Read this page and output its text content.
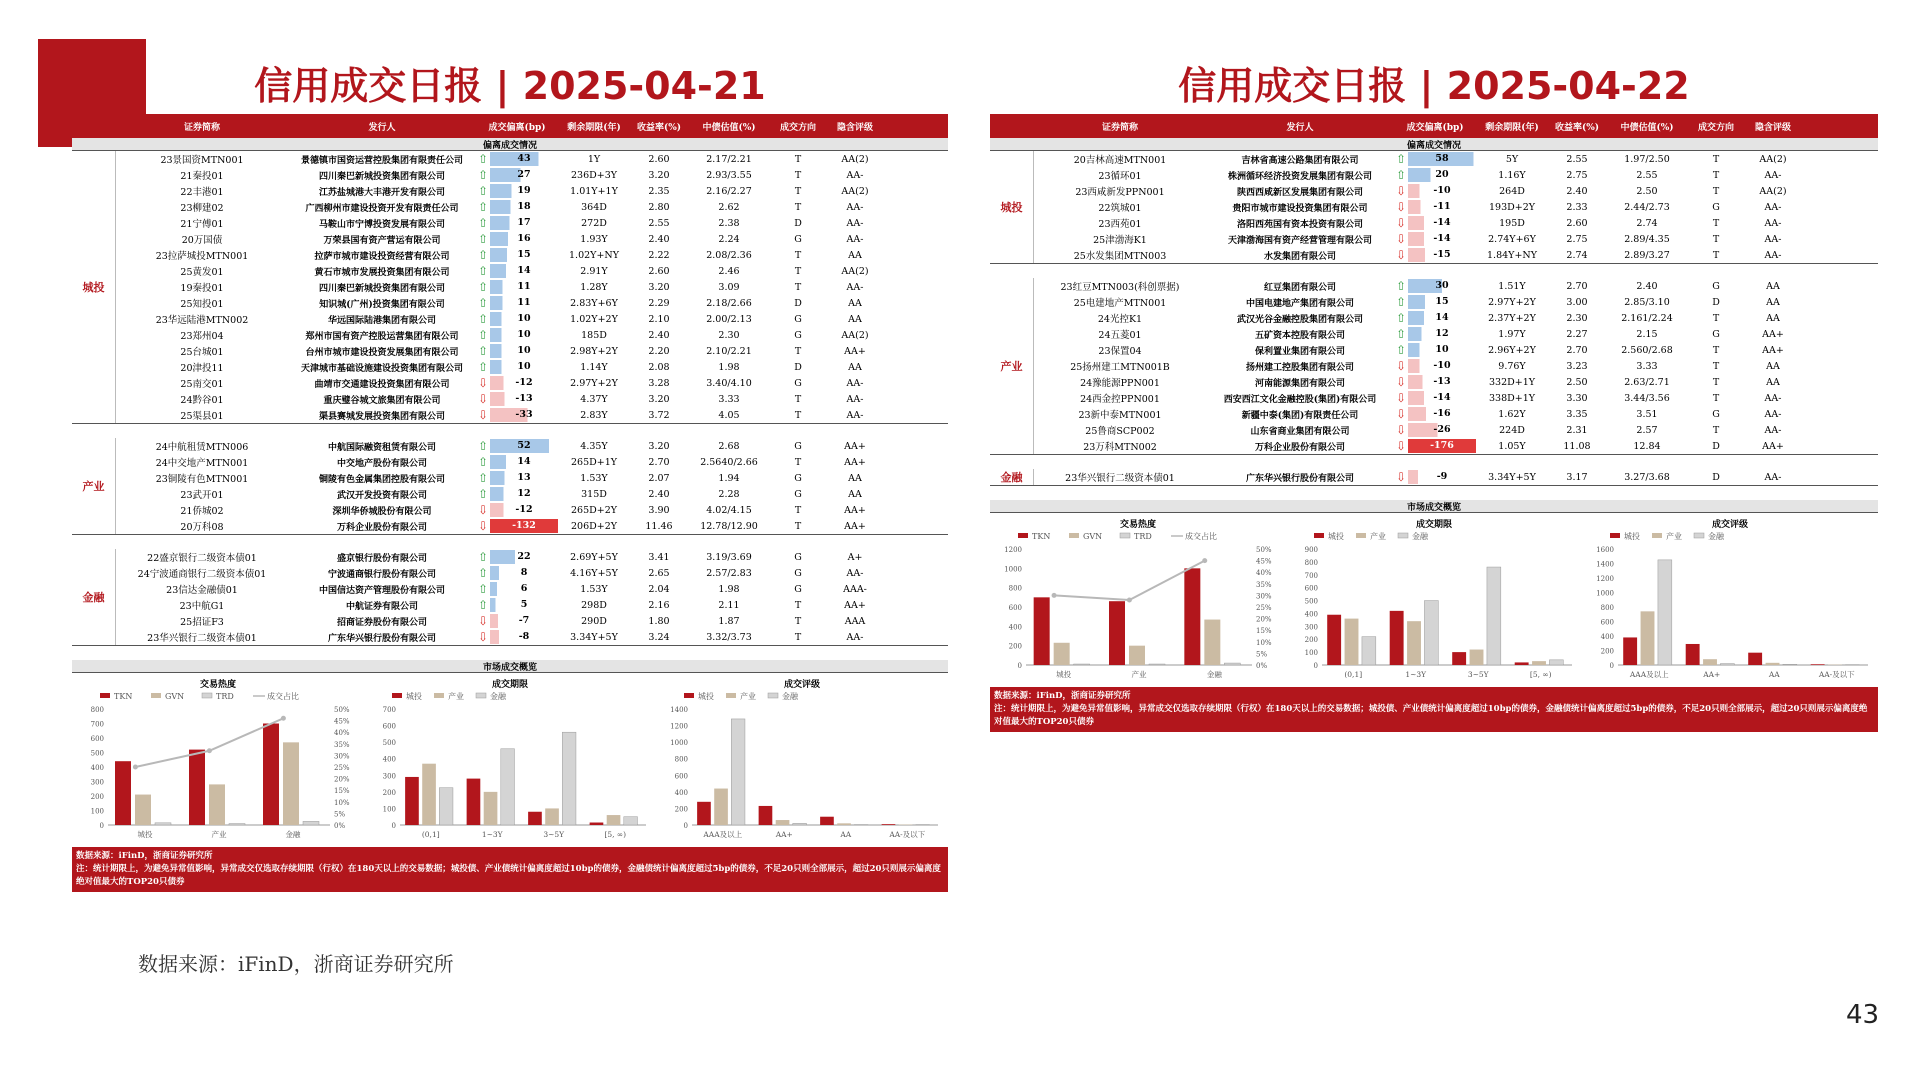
信用成交日报 | 2025-04-21
证券简称	发行人	成交偏离(bp)	剩余期限(年)	收益率(%)	中债估值(%)	成交方向	隐含评级
偏离成交情况
城投
23景国资MTN001	景德镇市国资运营控股集团有限责任公司	⇧	43	1Y	2.60	2.17/2.21	T	AA(2)
21秦投01	四川秦巴新城投资集团有限公司	⇧	27	236D+3Y	3.20	2.93/3.55	T	AA-
22丰港01	江苏盐城港大丰港开发有限公司	⇧	19	1.01Y+1Y	2.35	2.16/2.27	T	AA(2)
23柳建02	广西柳州市建设投资开发有限责任公司	⇧	18	364D	2.80	2.62	T	AA-
21宁傅01	马鞍山市宁博投资发展有限公司	⇧	17	272D	2.55	2.38	D	AA-
20万国债	万荣县国有资产营运有限公司	⇧	16	1.93Y	2.40	2.24	G	AA-
23拉萨城投MTN001	拉萨市城市建设投资经营有限公司	⇧	15	1.02Y+NY	2.22	2.08/2.36	T	AA
25黄发01	黄石市城市发展投资集团有限公司	⇧	14	2.91Y	2.60	2.46	T	AA(2)
19秦投01	四川秦巴新城投资集团有限公司	⇧	11	1.28Y	3.20	3.09	T	AA-
25知投01	知识城(广州)投资集团有限公司	⇧	11	2.83Y+6Y	2.29	2.18/2.66	D	AA
23华远陆港MTN002	华远国际陆港集团有限公司	⇧	10	1.02Y+2Y	2.10	2.00/2.13	G	AA
23郑州04	郑州市国有资产控股运营集团有限公司	⇧	10	185D	2.40	2.30	G	AA(2)
25台城01	台州市城市建设投资发展集团有限公司	⇧	10	2.98Y+2Y	2.20	2.10/2.21	T	AA+
20津投11	天津城市基础设施建设投资集团有限公司	⇧	10	1.14Y	2.08	1.98	D	AA
25南交01	曲靖市交通建设投资集团有限公司	⇩	-12	2.97Y+2Y	3.28	3.40/4.10	G	AA-
24黔谷01	重庆璧谷城文旅集团有限公司	⇩	-13	4.37Y	3.20	3.33	T	AA-
25渠县01	渠县赛城发展投资集团有限公司	⇩	-33	2.83Y	3.72	4.05	T	AA-
产业
24中航租赁MTN006	中航国际融资租赁有限公司	⇧	52	4.35Y	3.20	2.68	G	AA+
24中交地产MTN001	中交地产股份有限公司	⇧	14	265D+1Y	2.70	2.5640/2.66	T	AA+
23铜陵有色MTN001	铜陵有色金属集团控股有限公司	⇧	13	1.53Y	2.07	1.94	G	AA
23武开01	武汉开发投资有限公司	⇧	12	315D	2.40	2.28	G	AA
21侨城02	深圳华侨城股份有限公司	⇩	-12	265D+2Y	3.90	4.02/4.15	T	AA+
20万科08	万科企业股份有限公司	⇩	-132	206D+2Y	11.46	12.78/12.90	T	AA+
金融
22盛京银行二级资本债01	盛京银行股份有限公司	⇧	22	2.69Y+5Y	3.41	3.19/3.69	G	A+
24宁波通商银行二级资本债01	宁波通商银行股份有限公司	⇧	8	4.16Y+5Y	2.65	2.57/2.83	G	AA-
23信达金融债01	中国信达资产管理股份有限公司	⇧	6	1.53Y	2.04	1.98	G	AAA-
23中航G1	中航证券有限公司	⇧	5	298D	2.16	2.11	T	AA+
25招证F3	招商证券股份有限公司	⇩	-7	290D	1.80	1.87	T	AAA
23华兴银行二级资本债01	广东华兴银行股份有限公司	⇩	-8	3.34Y+5Y	3.24	3.32/3.73	T	AA-
市场成交概览
交易热度
TKN	GVN	TRD	成交占比
0
100
200
300
400
500
600
700
800
0%
5%
10%
15%
20%
25%
30%
35%
40%
45%
50%
城投	产业	金融
成交期限
城投	产业	金融
0
100
200
300
400
500
600
700
(0,1]	1~3Y	3~5Y	[5, ∞)
成交评级
城投	产业	金融
0
200
400
600
800
1000
1200
1400
AAA及以上	AA+	AA	AA-及以下
数据来源：iFinD，浙商证券研究所
注：统计期限上，为避免异常值影响，异常成交仅选取存续期限（行权）在180天以上的交易数据；城投债、产业债统计偏离度超过10bp的债券，金融债统计偏离度超过5bp的债券，不足20只则全部展示，超过20只则展示偏离度绝对值最大的TOP20只债券
信用成交日报 | 2025-04-22
证券简称	发行人	成交偏离(bp)	剩余期限(年)	收益率(%)	中债估值(%)	成交方向	隐含评级
偏离成交情况
城投
20吉林高速MTN001	吉林省高速公路集团有限公司	⇧	58	5Y	2.55	1.97/2.50	T	AA(2)
23循环01	株洲循环经济投资发展集团有限公司	⇧	20	1.16Y	2.75	2.55	T	AA-
23西咸新发PPN001	陕西西咸新区发展集团有限公司	⇩	-10	264D	2.40	2.50	T	AA(2)
22筑城01	贵阳市城市建设投资集团有限公司	⇩	-11	193D+2Y	2.33	2.44/2.73	G	AA-
23西苑01	洛阳西苑国有资本投资有限公司	⇩	-14	195D	2.60	2.74	T	AA-
25津渤海K1	天津渤海国有资产经营管理有限公司	⇩	-14	2.74Y+6Y	2.75	2.89/4.35	T	AA-
25水发集团MTN003	水发集团有限公司	⇩	-15	1.84Y+NY	2.74	2.89/3.27	T	AA-
产业
23红豆MTN003(科创票据)	红豆集团有限公司	⇧	30	1.51Y	2.70	2.40	G	AA
25电建地产MTN001	中国电建地产集团有限公司	⇧	15	2.97Y+2Y	3.00	2.85/3.10	D	AA
24光控K1	武汉光谷金融控股集团有限公司	⇧	14	2.37Y+2Y	2.30	2.161/2.24	T	AA
24五菱01	五矿资本控股有限公司	⇧	12	1.97Y	2.27	2.15	G	AA+
23保置04	保利置业集团有限公司	⇧	10	2.96Y+2Y	2.70	2.560/2.68	T	AA+
25扬州建工MTN001B	扬州建工控股集团有限公司	⇩	-10	9.76Y	3.23	3.33	T	AA
24豫能源PPN001	河南能源集团有限公司	⇩	-13	332D+1Y	2.50	2.63/2.71	T	AA
24西金控PPN001	西安西江文化金融控股(集团)有限公司	⇩	-14	338D+1Y	3.30	3.44/3.56	T	AA-
23新中泰MTN001	新疆中泰(集团)有限责任公司	⇩	-16	1.62Y	3.35	3.51	G	AA-
25鲁商SCP002	山东省商业集团有限公司	⇩	-26	224D	2.31	2.57	T	AA-
23万科MTN002	万科企业股份有限公司	⇩	-176	1.05Y	11.08	12.84	D	AA+
金融	23华兴银行二级资本债01	广东华兴银行股份有限公司	⇩	-9	3.34Y+5Y	3.17	3.27/3.68	D	AA-
市场成交概览
交易热度
TKN	GVN	TRD	成交占比
0
200
400
600
800
1000
1200
0%
5%
10%
15%
20%
25%
30%
35%
40%
45%
50%
城投	产业	金融
成交期限
城投	产业	金融
0
100
200
300
400
500
600
700
800
900
(0,1]	1~3Y	3~5Y	[5, ∞)
成交评级
城投	产业	金融
0
200
400
600
800
1000
1200
1400
1600
AAA及以上	AA+	AA	AA-及以下
数据来源：iFinD，浙商证券研究所
注：统计期限上，为避免异常值影响，异常成交仅选取存续期限（行权）在180天以上的交易数据；城投债、产业债统计偏离度超过10bp的债券，金融债统计偏离度超过5bp的债券，不足20只则全部展示，超过20只则展示偏离度绝对值最大的TOP20只债券
数据来源：iFinD，浙商证券研究所
43
